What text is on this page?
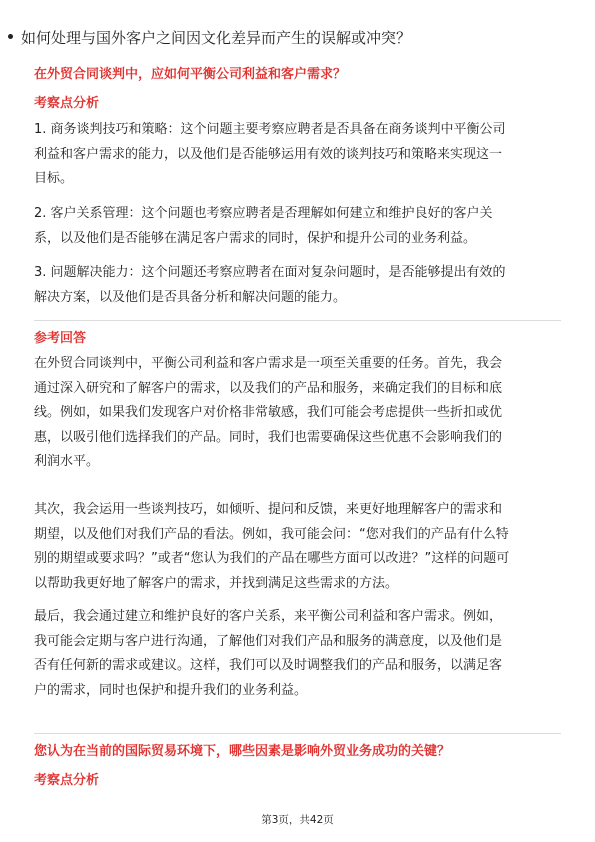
如何处理与国外客户之间因文化差异而产生的误解或冲突？
在外贸合同谈判中，应如何平衡公司利益和客户需求？
考察点分析
1. 商务谈判技巧和策略：这个问题主要考察应聘者是否具备在商务谈判中平衡公司
利益和客户需求的能力，以及他们是否能够运用有效的谈判技巧和策略来实现这一
目标。
2. 客户关系管理：这个问题也考察应聘者是否理解如何建立和维护良好的客户关
系，以及他们是否能够在满足客户需求的同时，保护和提升公司的业务利益。
3. 问题解决能力：这个问题还考察应聘者在面对复杂问题时，是否能够提出有效的
解决方案，以及他们是否具备分析和解决问题的能力。
参考回答
在外贸合同谈判中，平衡公司利益和客户需求是一项至关重要的任务。首先，我会
通过深入研究和了解客户的需求，以及我们的产品和服务，来确定我们的目标和底
线。例如，如果我们发现客户对价格非常敏感，我们可能会考虑提供一些折扣或优
惠，以吸引他们选择我们的产品。同时，我们也需要确保这些优惠不会影响我们的
利润水平。
其次，我会运用一些谈判技巧，如倾听、提问和反馈，来更好地理解客户的需求和
期望，以及他们对我们产品的看法。例如，我可能会问：“您对我们的产品有什么特
别的期望或要求吗？”或者“您认为我们的产品在哪些方面可以改进？”这样的问题可
以帮助我更好地了解客户的需求，并找到满足这些需求的方法。
最后，我会通过建立和维护良好的客户关系，来平衡公司利益和客户需求。例如，
我可能会定期与客户进行沟通，了解他们对我们产品和服务的满意度，以及他们是
否有任何新的需求或建议。这样，我们可以及时调整我们的产品和服务，以满足客
户的需求，同时也保护和提升我们的业务利益。
您认为在当前的国际贸易环境下，哪些因素是影响外贸业务成功的关键？
考察点分析
第3页，共42页
